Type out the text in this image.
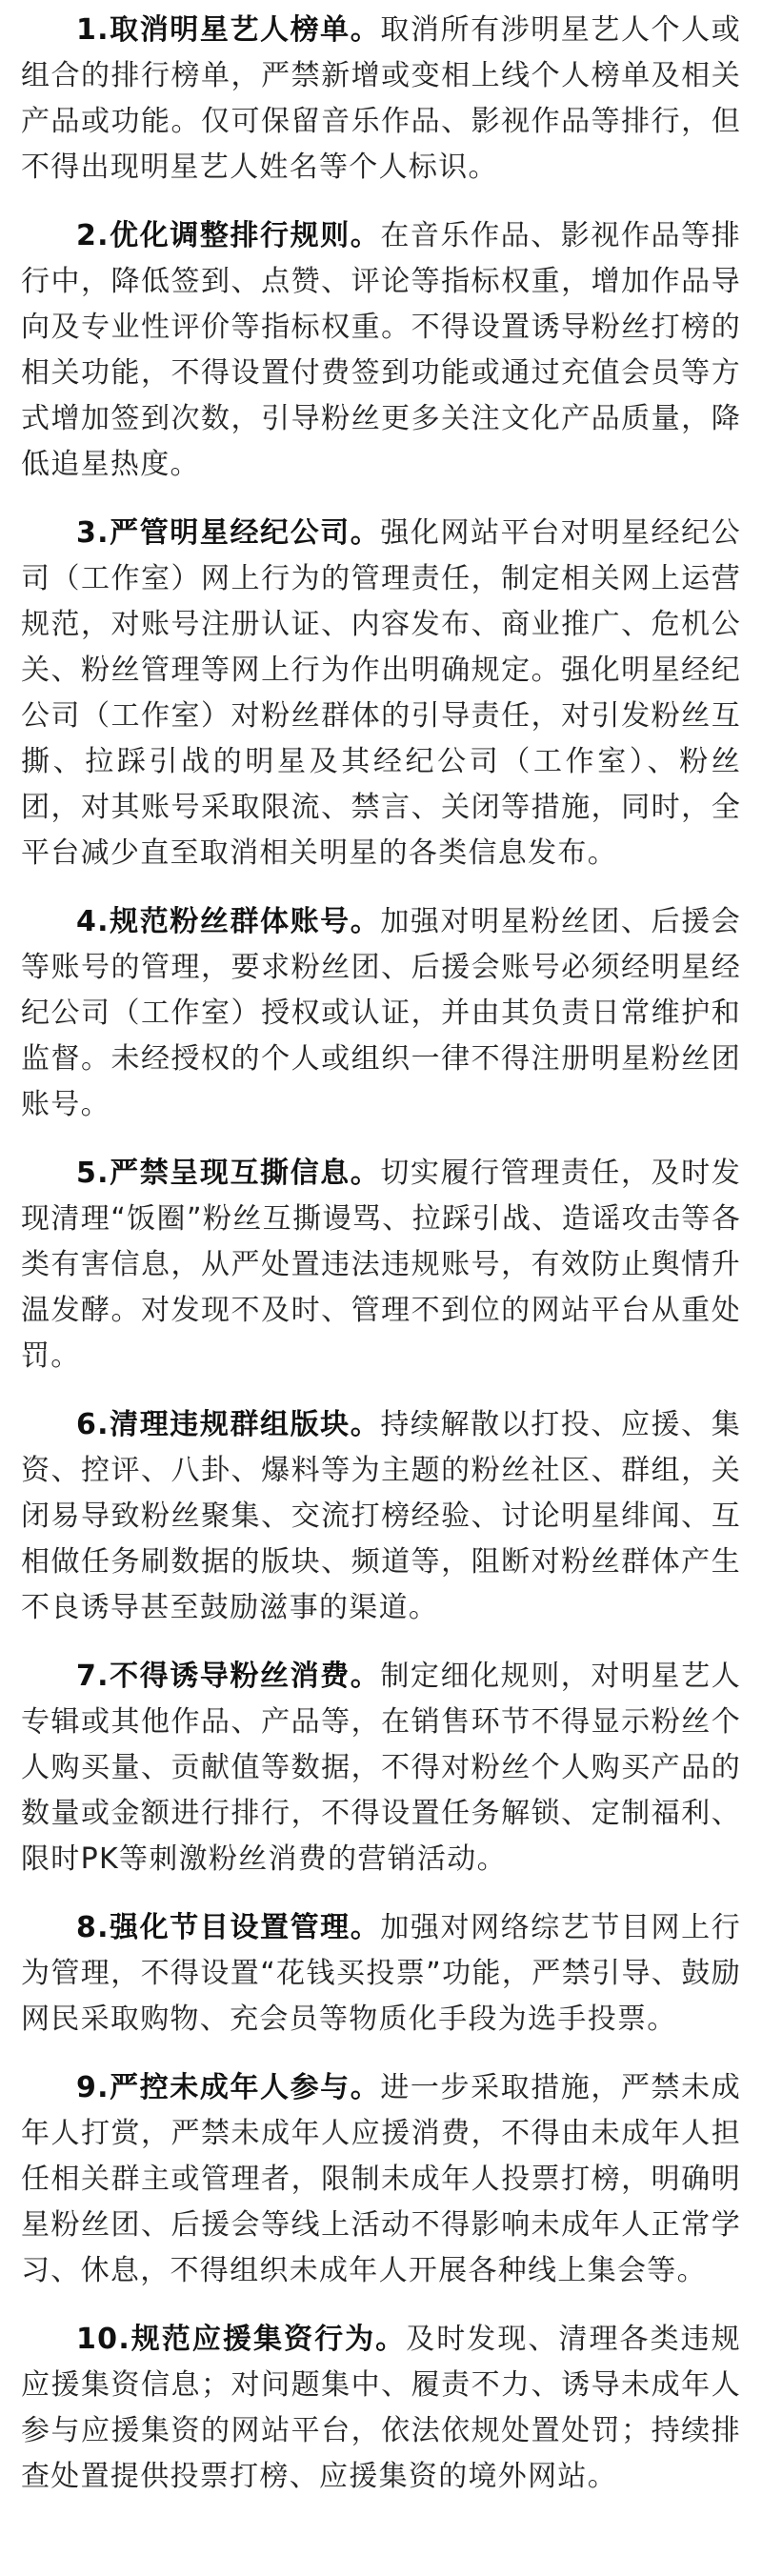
1.取消明星艺人榜单。取消所有涉明星艺人个人或组合的排行榜单，严禁新增或变相上线个人榜单及相关产品或功能。仅可保留音乐作品、影视作品等排行，但不得出现明星艺人姓名等个人标识。

2.优化调整排行规则。在音乐作品、影视作品等排行中，降低签到、点赞、评论等指标权重，增加作品导向及专业性评价等指标权重。不得设置诱导粉丝打榜的相关功能，不得设置付费签到功能或通过充值会员等方式增加签到次数，引导粉丝更多关注文化产品质量，降低追星热度。

3.严管明星经纪公司。强化网站平台对明星经纪公司（工作室）网上行为的管理责任，制定相关网上运营规范，对账号注册认证、内容发布、商业推广、危机公关、粉丝管理等网上行为作出明确规定。强化明星经纪公司（工作室）对粉丝群体的引导责任，对引发粉丝互撕、拉踩引战的明星及其经纪公司（工作室）、粉丝团，对其账号采取限流、禁言、关闭等措施，同时，全平台减少直至取消相关明星的各类信息发布。

4.规范粉丝群体账号。加强对明星粉丝团、后援会等账号的管理，要求粉丝团、后援会账号必须经明星经纪公司（工作室）授权或认证，并由其负责日常维护和监督。未经授权的个人或组织一律不得注册明星粉丝团账号。

5.严禁呈现互撕信息。切实履行管理责任，及时发现清理“饭圈”粉丝互撕谩骂、拉踩引战、造谣攻击等各类有害信息，从严处置违法违规账号，有效防止舆情升温发酵。对发现不及时、管理不到位的网站平台从重处罚。

6.清理违规群组版块。持续解散以打投、应援、集资、控评、八卦、爆料等为主题的粉丝社区、群组，关闭易导致粉丝聚集、交流打榜经验、讨论明星绯闻、互相做任务刷数据的版块、频道等，阻断对粉丝群体产生不良诱导甚至鼓励滋事的渠道。

7.不得诱导粉丝消费。制定细化规则，对明星艺人专辑或其他作品、产品等，在销售环节不得显示粉丝个人购买量、贡献值等数据，不得对粉丝个人购买产品的数量或金额进行排行，不得设置任务解锁、定制福利、限时PK等刺激粉丝消费的营销活动。

8.强化节目设置管理。加强对网络综艺节目网上行为管理，不得设置“花钱买投票”功能，严禁引导、鼓励网民采取购物、充会员等物质化手段为选手投票。

9.严控未成年人参与。进一步采取措施，严禁未成年人打赏，严禁未成年人应援消费，不得由未成年人担任相关群主或管理者，限制未成年人投票打榜，明确明星粉丝团、后援会等线上活动不得影响未成年人正常学习、休息，不得组织未成年人开展各种线上集会等。

10.规范应援集资行为。及时发现、清理各类违规应援集资信息；对问题集中、履责不力、诱导未成年人参与应援集资的网站平台，依法依规处置处罚；持续排查处置提供投票打榜、应援集资的境外网站。
